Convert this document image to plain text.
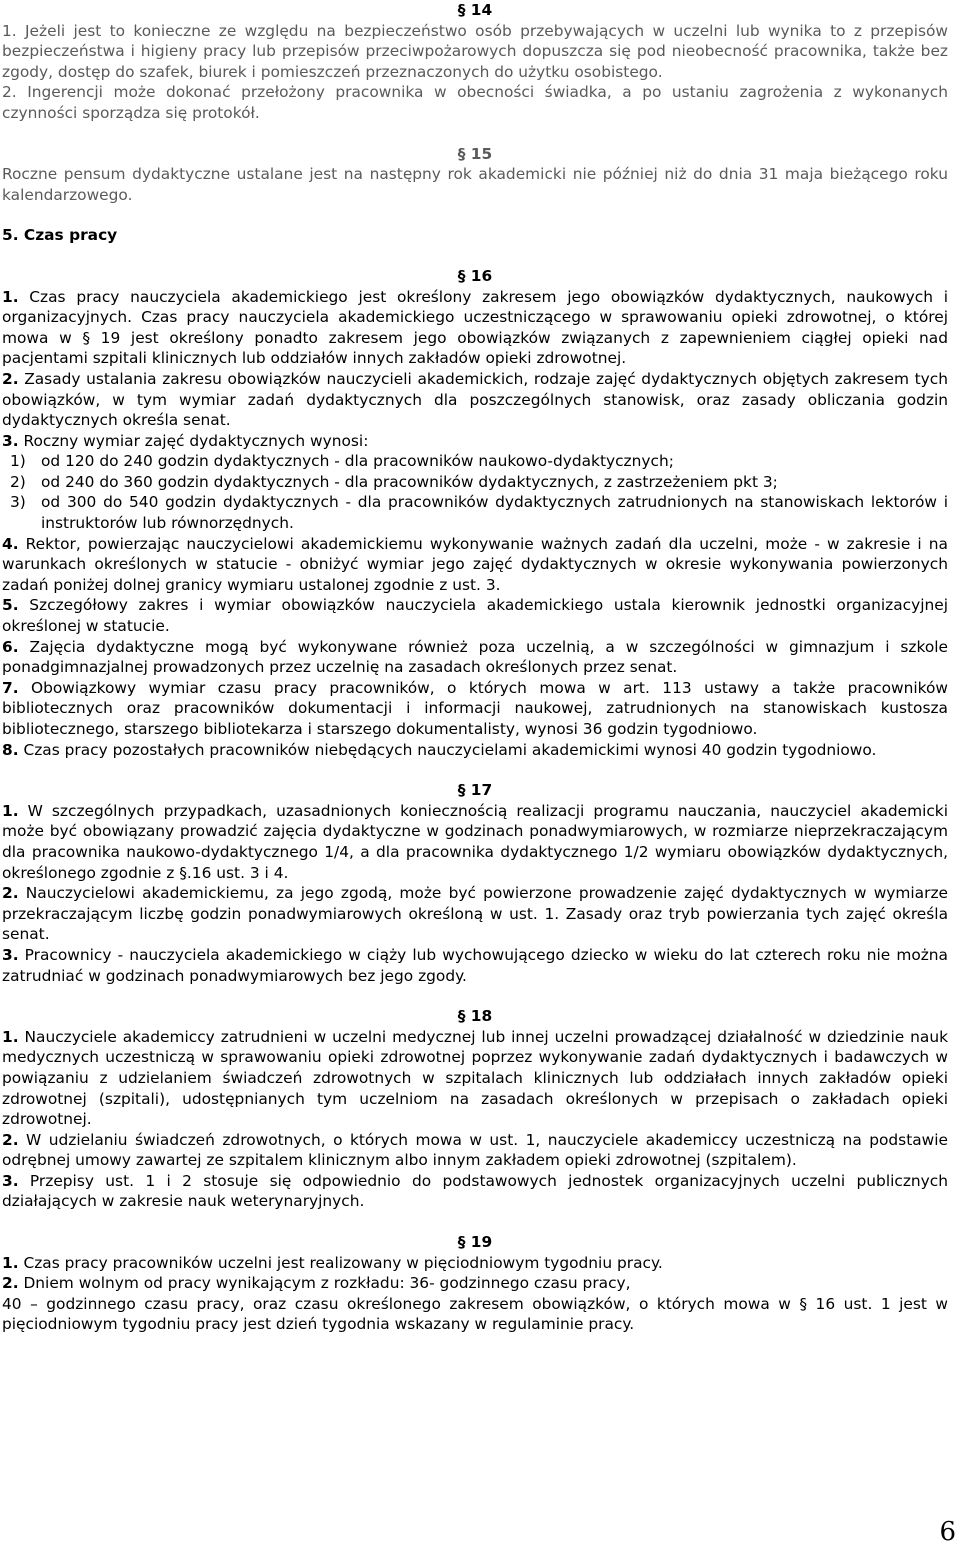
§ 14
1. Jeżeli jest to konieczne ze względu na bezpieczeństwo osób przebywających w uczelni lub wynika to z przepisów bezpieczeństwa i higieny pracy lub przepisów przeciwpożarowych dopuszcza się pod nieobecność pracownika, także bez zgody, dostęp do szafek, biurek i pomieszczeń przeznaczonych do użytku osobistego.
2. Ingerencji może dokonać przełożony pracownika w obecności świadka, a po ustaniu zagrożenia z wykonanych czynności sporządza się protokół.
§ 15
Roczne pensum dydaktyczne ustalane jest na następny rok akademicki nie później niż do dnia 31 maja bieżącego roku kalendarzowego.
5. Czas pracy
§ 16
1. Czas pracy nauczyciela akademickiego jest określony zakresem jego obowiązków dydaktycznych, naukowych i organizacyjnych. Czas pracy nauczyciela akademickiego uczestniczącego w sprawowaniu opieki zdrowotnej, o której mowa w § 19 jest określony ponadto zakresem jego obowiązków związanych z zapewnieniem ciągłej opieki nad pacjentami szpitali klinicznych lub oddziałów innych zakładów opieki zdrowotnej.
2. Zasady ustalania zakresu obowiązków nauczycieli akademickich, rodzaje zajęć dydaktycznych objętych zakresem tych obowiązków, w tym wymiar zadań dydaktycznych dla poszczególnych stanowisk, oraz zasady obliczania godzin dydaktycznych określa senat.
3. Roczny wymiar zajęć dydaktycznych wynosi:
1) od 120 do 240 godzin dydaktycznych - dla pracowników naukowo-dydaktycznych;
2) od 240 do 360 godzin dydaktycznych - dla pracowników dydaktycznych, z zastrzeżeniem pkt 3;
3) od 300 do 540 godzin dydaktycznych - dla pracowników dydaktycznych zatrudnionych na stanowiskach lektorów i instruktorów lub równorzędnych.
4. Rektor, powierzając nauczycielowi akademickiemu wykonywanie ważnych zadań dla uczelni, może - w zakresie i na warunkach określonych w statucie - obniżyć wymiar jego zajęć dydaktycznych w okresie wykonywania powierzonych zadań poniżej dolnej granicy wymiaru ustalonej zgodnie z ust. 3.
5. Szczegółowy zakres i wymiar obowiązków nauczyciela akademickiego ustala kierownik jednostki organizacyjnej określonej w statucie.
6. Zajęcia dydaktyczne mogą być wykonywane również poza uczelnią, a w szczególności w gimnazjum i szkole ponadgimnazjalnej prowadzonych przez uczelnię na zasadach określonych przez senat.
7. Obowiązkowy wymiar czasu pracy pracowników, o których mowa w art. 113 ustawy a także pracowników bibliotecznych oraz pracowników dokumentacji i informacji naukowej, zatrudnionych na stanowiskach kustosza bibliotecznego, starszego bibliotekarza i starszego dokumentalisty, wynosi 36 godzin tygodniowo.
8. Czas pracy pozostałych pracowników niebędących nauczycielami akademickimi wynosi 40 godzin tygodniowo.
§ 17
1. W szczególnych przypadkach, uzasadnionych koniecznością realizacji programu nauczania, nauczyciel akademicki może być obowiązany prowadzić zajęcia dydaktyczne w godzinach ponadwymiarowych, w rozmiarze nieprzekraczającym dla pracownika naukowo-dydaktycznego 1/4, a dla pracownika dydaktycznego 1/2 wymiaru obowiązków dydaktycznych, określonego zgodnie z §.16 ust. 3 i 4.
2. Nauczycielowi akademickiemu, za jego zgodą, może być powierzone prowadzenie zajęć dydaktycznych w wymiarze przekraczającym liczbę godzin ponadwymiarowych określoną w ust. 1. Zasady oraz tryb powierzania tych zajęć określa senat.
3. Pracownicy - nauczyciela akademickiego w ciąży lub wychowującego dziecko w wieku do lat czterech roku nie można zatrudniać w godzinach ponadwymiarowych bez jego zgody.
§ 18
1. Nauczyciele akademiccy zatrudnieni w uczelni medycznej lub innej uczelni prowadzącej działalność w dziedzinie nauk medycznych uczestniczą w sprawowaniu opieki zdrowotnej poprzez wykonywanie zadań dydaktycznych i badawczych w powiązaniu z udzielaniem świadczeń zdrowotnych w szpitalach klinicznych lub oddziałach innych zakładów opieki zdrowotnej (szpitali), udostępnianych tym uczelniom na zasadach określonych w przepisach o zakładach opieki zdrowotnej.
2. W udzielaniu świadczeń zdrowotnych, o których mowa w ust. 1, nauczyciele akademiccy uczestniczą na podstawie odrębnej umowy zawartej ze szpitalem klinicznym albo innym zakładem opieki zdrowotnej (szpitalem).
3. Przepisy ust. 1 i 2 stosuje się odpowiednio do podstawowych jednostek organizacyjnych uczelni publicznych działających w zakresie nauk weterynaryjnych.
§ 19
1. Czas pracy pracowników uczelni jest realizowany w pięciodniowym tygodniu pracy.
2. Dniem wolnym od pracy wynikającym z rozkładu: 36- godzinnego czasu pracy,
40 – godzinnego czasu pracy, oraz czasu określonego zakresem obowiązków, o których mowa w § 16 ust. 1 jest w pięciodniowym tygodniu pracy jest dzień tygodnia wskazany w regulaminie pracy.
6
